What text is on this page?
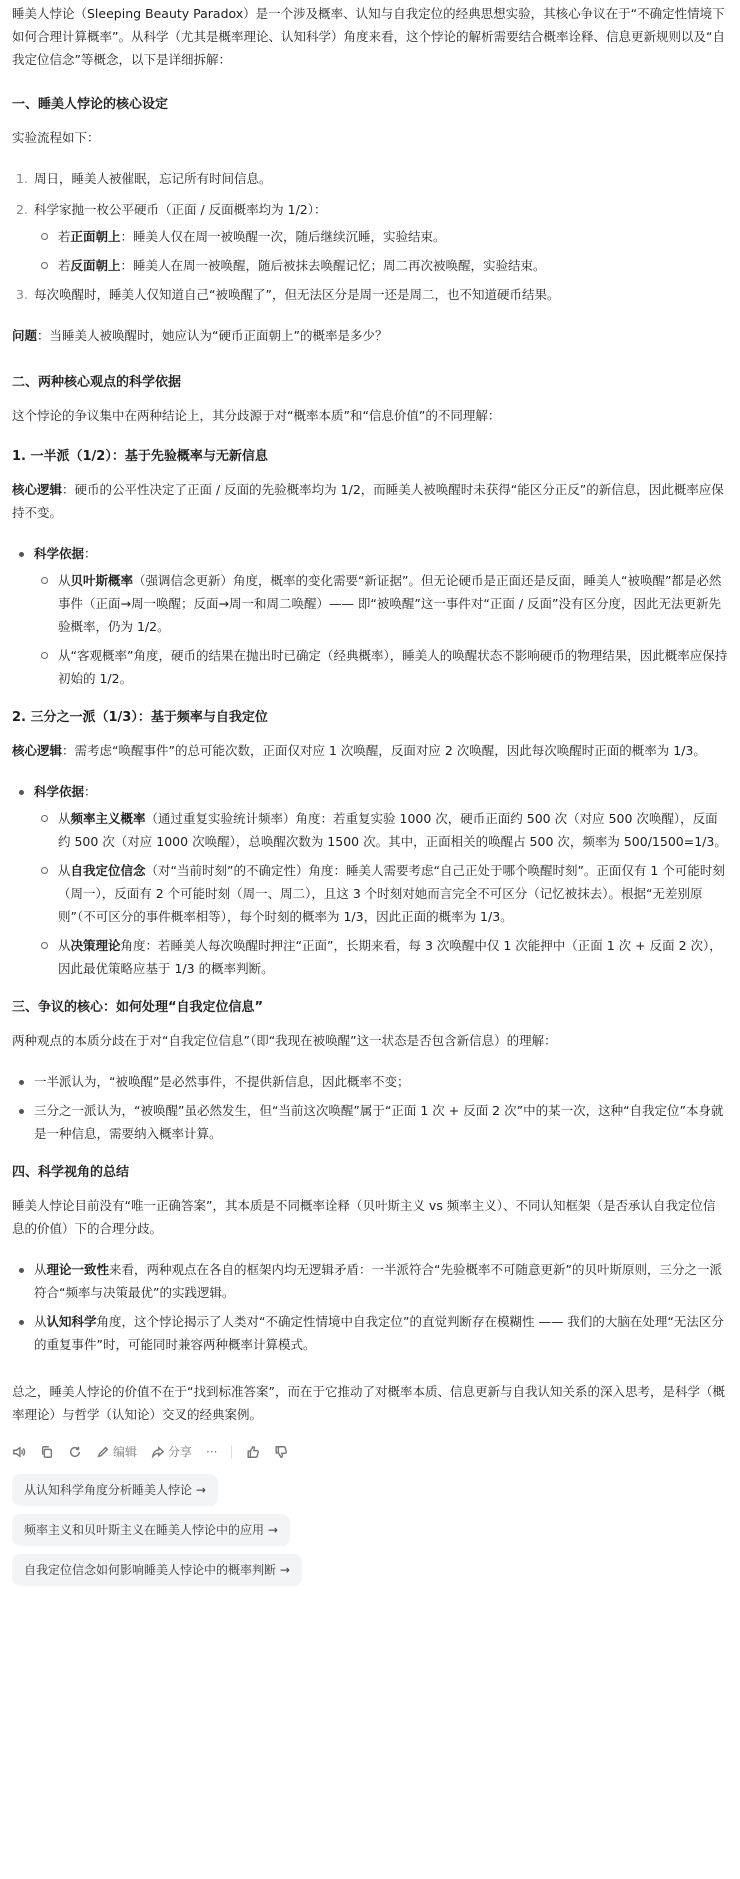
睡美人悖论（Sleeping Beauty Paradox）是一个涉及概率、认知与自我定位的经典思想实验，其核心争议在于“不确定性情境下如何合理计算概率”。从科学（尤其是概率理论、认知科学）角度来看，这个悖论的解析需要结合概率诠释、信息更新规则以及“自我定位信念”等概念，以下是详细拆解：

一、睡美人悖论的核心设定

实验流程如下：

1. 周日，睡美人被催眠，忘记所有时间信息。
2. 科学家抛一枚公平硬币（正面 / 反面概率均为 1/2）：
若正面朝上：睡美人仅在周一被唤醒一次，随后继续沉睡，实验结束。
若反面朝上：睡美人在周一被唤醒，随后被抹去唤醒记忆；周二再次被唤醒，实验结束。
3. 每次唤醒时，睡美人仅知道自己“被唤醒了”，但无法区分是周一还是周二，也不知道硬币结果。

问题：当睡美人被唤醒时，她应认为“硬币正面朝上”的概率是多少？

二、两种核心观点的科学依据

这个悖论的争议集中在两种结论上，其分歧源于对“概率本质”和“信息价值”的不同理解：

1. 一半派（1/2）：基于先验概率与无新信息

核心逻辑：硬币的公平性决定了正面 / 反面的先验概率均为 1/2，而睡美人被唤醒时未获得“能区分正反”的新信息，因此概率应保持不变。

科学依据：
从贝叶斯概率（强调信念更新）角度，概率的变化需要“新证据”。但无论硬币是正面还是反面，睡美人“被唤醒”都是必然事件（正面→周一唤醒；反面→周一和周二唤醒）—— 即“被唤醒”这一事件对“正面 / 反面”没有区分度，因此无法更新先验概率，仍为 1/2。
从“客观概率”角度，硬币的结果在抛出时已确定（经典概率），睡美人的唤醒状态不影响硬币的物理结果，因此概率应保持初始的 1/2。
2. 三分之一派（1/3）：基于频率与自我定位

核心逻辑：需考虑“唤醒事件”的总可能次数，正面仅对应 1 次唤醒，反面对应 2 次唤醒，因此每次唤醒时正面的概率为 1/3。

科学依据：
从频率主义概率（通过重复实验统计频率）角度：若重复实验 1000 次，硬币正面约 500 次（对应 500 次唤醒），反面约 500 次（对应 1000 次唤醒），总唤醒次数为 1500 次。其中，正面相关的唤醒占 500 次，频率为 500/1500=1/3。
从自我定位信念（对“当前时刻”的不确定性）角度：睡美人需要考虑“自己正处于哪个唤醒时刻”。正面仅有 1 个可能时刻（周一），反面有 2 个可能时刻（周一、周二），且这 3 个时刻对她而言完全不可区分（记忆被抹去）。根据“无差别原则”（不可区分的事件概率相等），每个时刻的概率为 1/3，因此正面的概率为 1/3。
从决策理论角度：若睡美人每次唤醒时押注“正面”，长期来看，每 3 次唤醒中仅 1 次能押中（正面 1 次 + 反面 2 次），因此最优策略应基于 1/3 的概率判断。
三、争议的核心：如何处理“自我定位信息”

两种观点的本质分歧在于对“自我定位信息”（即“我现在被唤醒”这一状态是否包含新信息）的理解：

一半派认为，“被唤醒”是必然事件，不提供新信息，因此概率不变；
三分之一派认为，“被唤醒”虽必然发生，但“当前这次唤醒”属于“正面 1 次 + 反面 2 次”中的某一次，这种“自我定位”本身就是一种信息，需要纳入概率计算。
四、科学视角的总结

睡美人悖论目前没有“唯一正确答案”，其本质是不同概率诠释（贝叶斯主义 vs 频率主义）、不同认知框架（是否承认自我定位信息的价值）下的合理分歧。

从理论一致性来看，两种观点在各自的框架内均无逻辑矛盾：一半派符合“先验概率不可随意更新”的贝叶斯原则，三分之一派符合“频率与决策最优”的实践逻辑。
从认知科学角度，这个悖论揭示了人类对“不确定性情境中自我定位”的直觉判断存在模糊性 —— 我们的大脑在处理“无法区分的重复事件”时，可能同时兼容两种概率计算模式。

总之，睡美人悖论的价值不在于“找到标准答案”，而在于它推动了对概率本质、信息更新与自我认知关系的深入思考，是科学（概率理论）与哲学（认知论）交叉的经典案例。

编辑	分享 ···
从认知科学角度分析睡美人悖论 →
频率主义和贝叶斯主义在睡美人悖论中的应用 →
自我定位信念如何影响睡美人悖论中的概率判断 →
